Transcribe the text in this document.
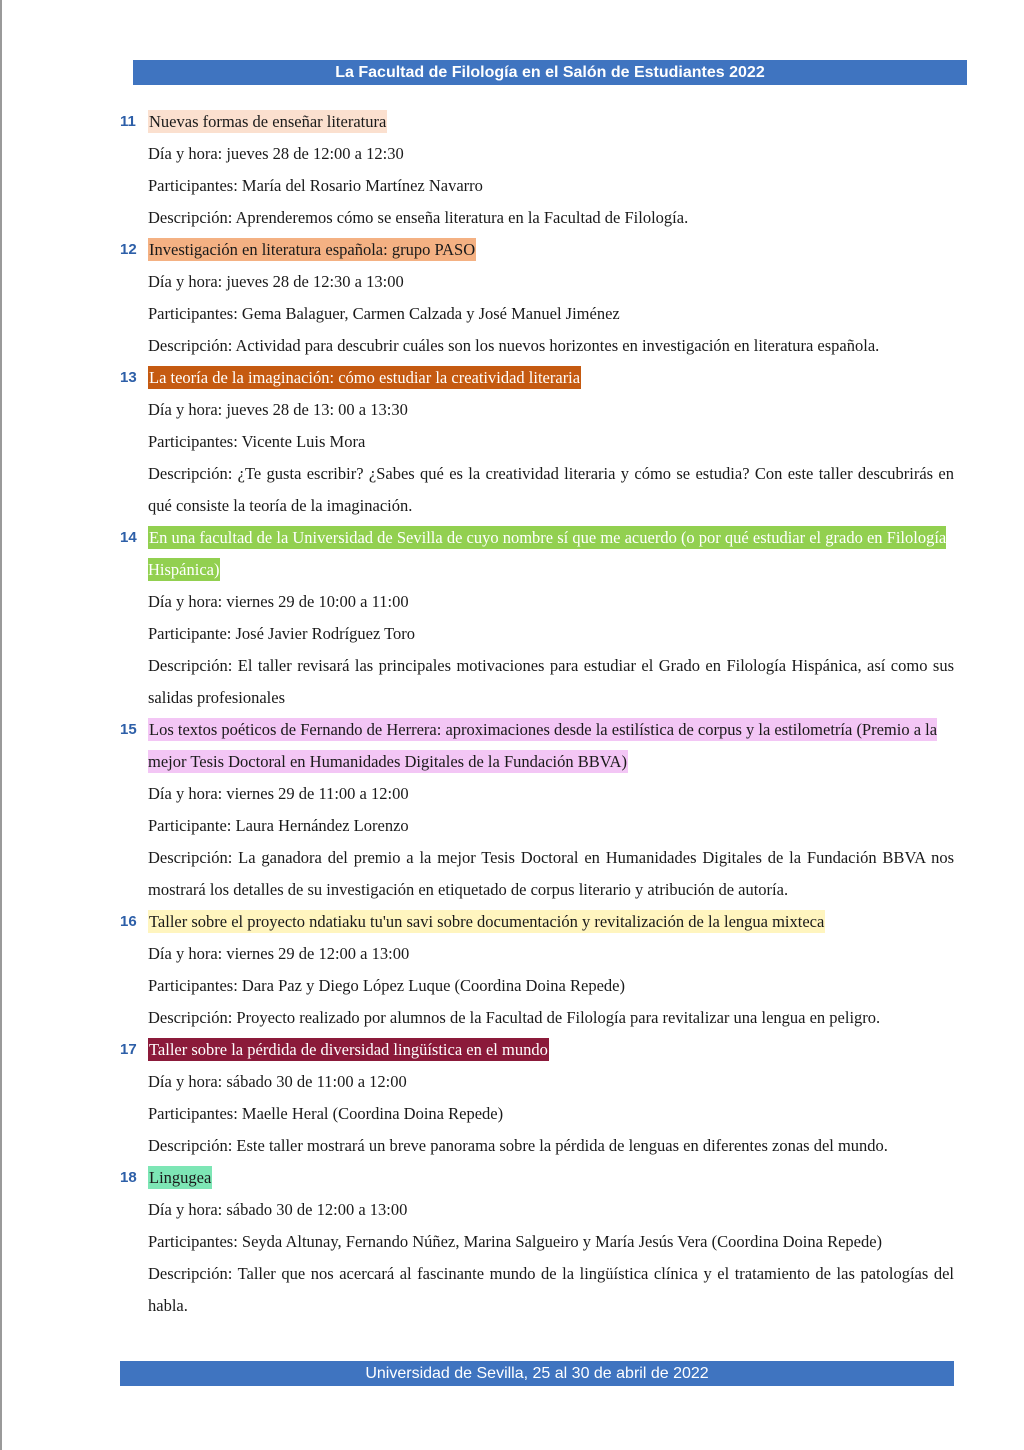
La Facultad de Filología en el Salón de Estudiantes 2022
11 Nuevas formas de enseñar literatura
Día y hora: jueves 28 de 12:00 a 12:30
Participantes: María del Rosario Martínez Navarro
Descripción: Aprenderemos cómo se enseña literatura en la Facultad de Filología.
12 Investigación en literatura española: grupo PASO
Día y hora: jueves 28 de 12:30 a 13:00
Participantes: Gema Balaguer, Carmen Calzada y José Manuel Jiménez
Descripción: Actividad para descubrir cuáles son los nuevos horizontes en investigación en literatura española.
13 La teoría de la imaginación: cómo estudiar la creatividad literaria
Día y hora: jueves 28 de 13: 00 a 13:30
Participantes: Vicente Luis Mora
Descripción: ¿Te gusta escribir? ¿Sabes qué es la creatividad literaria y cómo se estudia? Con este taller descubrirás en qué consiste la teoría de la imaginación.
14 En una facultad de la Universidad de Sevilla de cuyo nombre sí que me acuerdo (o por qué estudiar el grado en Filología Hispánica)
Día y hora: viernes 29 de 10:00 a 11:00
Participante: José Javier Rodríguez Toro
Descripción: El taller revisará las principales motivaciones para estudiar el Grado en Filología Hispánica, así como sus salidas profesionales
15 Los textos poéticos de Fernando de Herrera: aproximaciones desde la estilística de corpus y la estilometría (Premio a la mejor Tesis Doctoral en Humanidades Digitales de la Fundación BBVA)
Día y hora: viernes 29 de 11:00 a 12:00
Participante: Laura Hernández Lorenzo
Descripción: La ganadora del premio a la mejor Tesis Doctoral en Humanidades Digitales de la Fundación BBVA nos mostrará los detalles de su investigación en etiquetado de corpus literario y atribución de autoría.
16 Taller sobre el proyecto ndatiaku tu'un savi sobre documentación y revitalización de la lengua mixteca
Día y hora: viernes 29 de 12:00 a 13:00
Participantes: Dara Paz y Diego López Luque (Coordina Doina Repede)
Descripción: Proyecto realizado por alumnos de la Facultad de Filología para revitalizar una lengua en peligro.
17 Taller sobre la pérdida de diversidad lingüística en el mundo
Día y hora: sábado 30 de 11:00 a 12:00
Participantes: Maelle Heral (Coordina Doina Repede)
Descripción: Este taller mostrará un breve panorama sobre la pérdida de lenguas en diferentes zonas del mundo.
18 Lingugea
Día y hora: sábado 30 de 12:00 a 13:00
Participantes: Seyda Altunay, Fernando Núñez, Marina Salgueiro y María Jesús Vera (Coordina Doina Repede)
Descripción: Taller que nos acercará al fascinante mundo de la lingüística clínica y el tratamiento de las patologías del habla.
Universidad de Sevilla, 25 al 30 de abril de 2022
